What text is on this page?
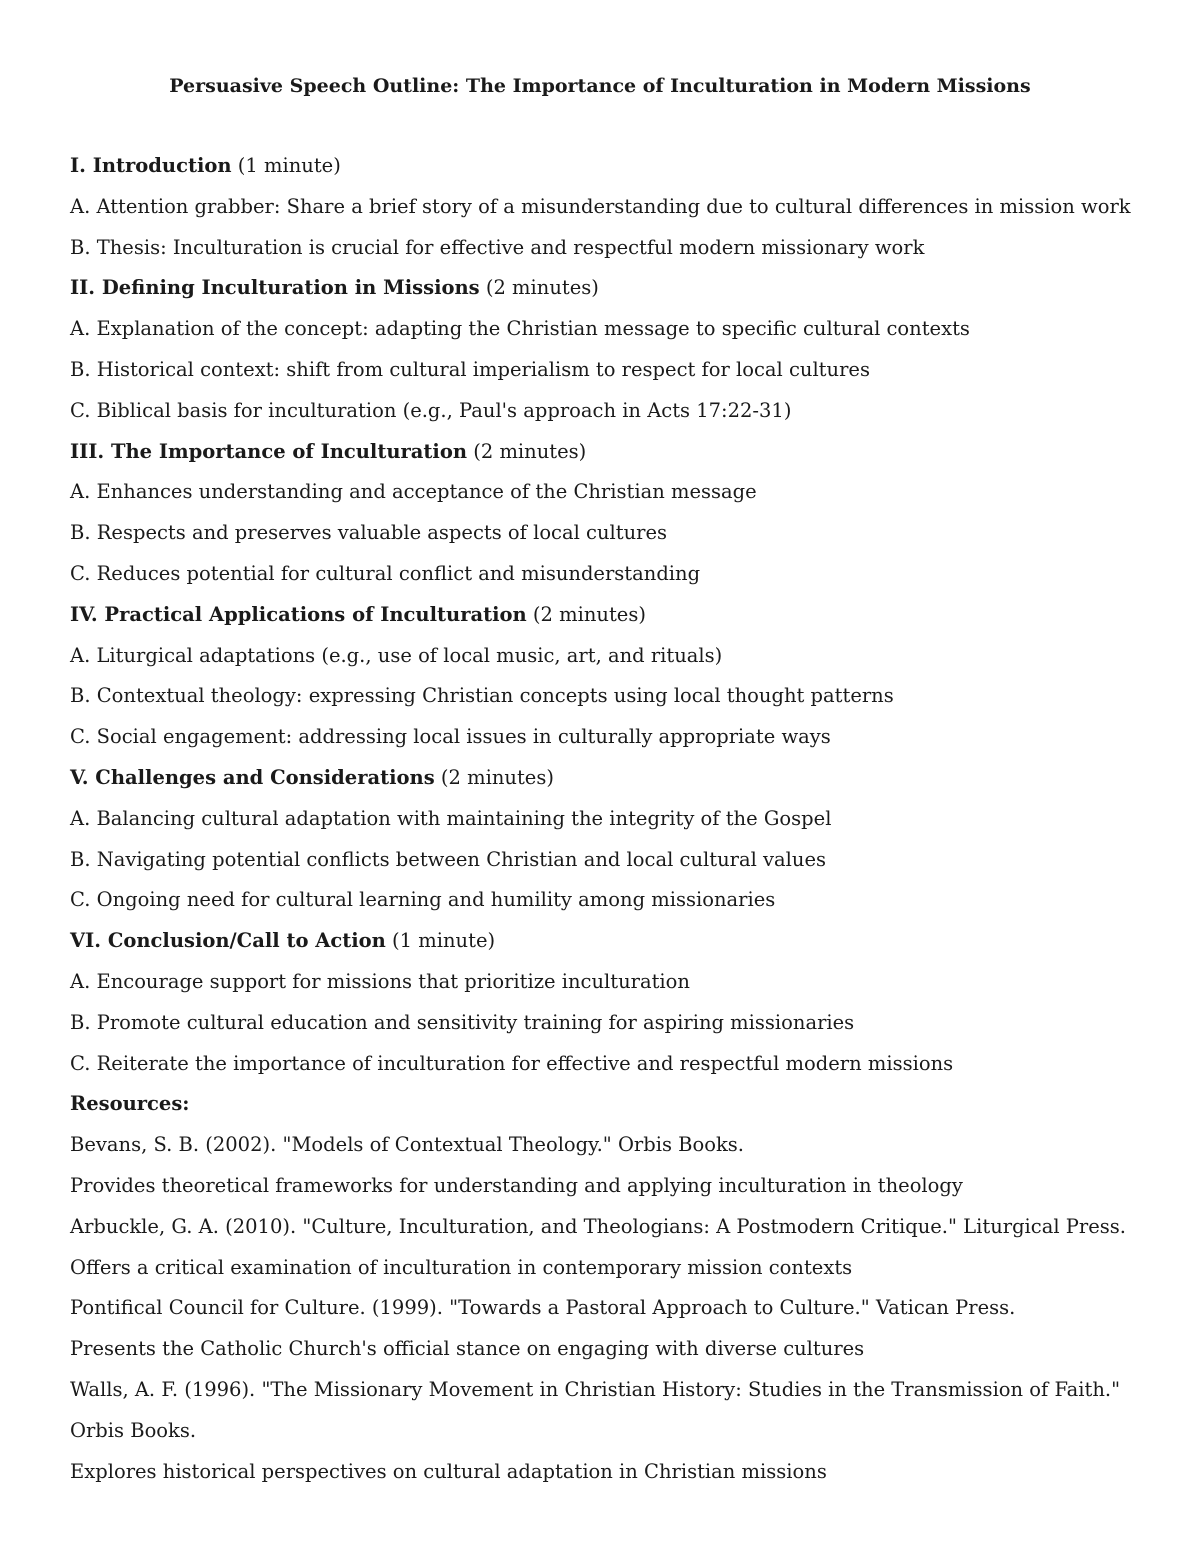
Persuasive Speech Outline: The Importance of Inculturation in Modern Missions
I. Introduction (1 minute)
A. Attention grabber: Share a brief story of a misunderstanding due to cultural differences in mission work
B. Thesis: Inculturation is crucial for effective and respectful modern missionary work
II. Defining Inculturation in Missions (2 minutes)
A. Explanation of the concept: adapting the Christian message to specific cultural contexts
B. Historical context: shift from cultural imperialism to respect for local cultures
C. Biblical basis for inculturation (e.g., Paul's approach in Acts 17:22-31)
III. The Importance of Inculturation (2 minutes)
A. Enhances understanding and acceptance of the Christian message
B. Respects and preserves valuable aspects of local cultures
C. Reduces potential for cultural conflict and misunderstanding
IV. Practical Applications of Inculturation (2 minutes)
A. Liturgical adaptations (e.g., use of local music, art, and rituals)
B. Contextual theology: expressing Christian concepts using local thought patterns
C. Social engagement: addressing local issues in culturally appropriate ways
V. Challenges and Considerations (2 minutes)
A. Balancing cultural adaptation with maintaining the integrity of the Gospel
B. Navigating potential conflicts between Christian and local cultural values
C. Ongoing need for cultural learning and humility among missionaries
VI. Conclusion/Call to Action (1 minute)
A. Encourage support for missions that prioritize inculturation
B. Promote cultural education and sensitivity training for aspiring missionaries
C. Reiterate the importance of inculturation for effective and respectful modern missions
Resources:
Bevans, S. B. (2002). "Models of Contextual Theology." Orbis Books.
Provides theoretical frameworks for understanding and applying inculturation in theology
Arbuckle, G. A. (2010). "Culture, Inculturation, and Theologians: A Postmodern Critique." Liturgical Press.
Offers a critical examination of inculturation in contemporary mission contexts
Pontifical Council for Culture. (1999). "Towards a Pastoral Approach to Culture." Vatican Press.
Presents the Catholic Church's official stance on engaging with diverse cultures
Walls, A. F. (1996). "The Missionary Movement in Christian History: Studies in the Transmission of Faith."
Orbis Books.
Explores historical perspectives on cultural adaptation in Christian missions
